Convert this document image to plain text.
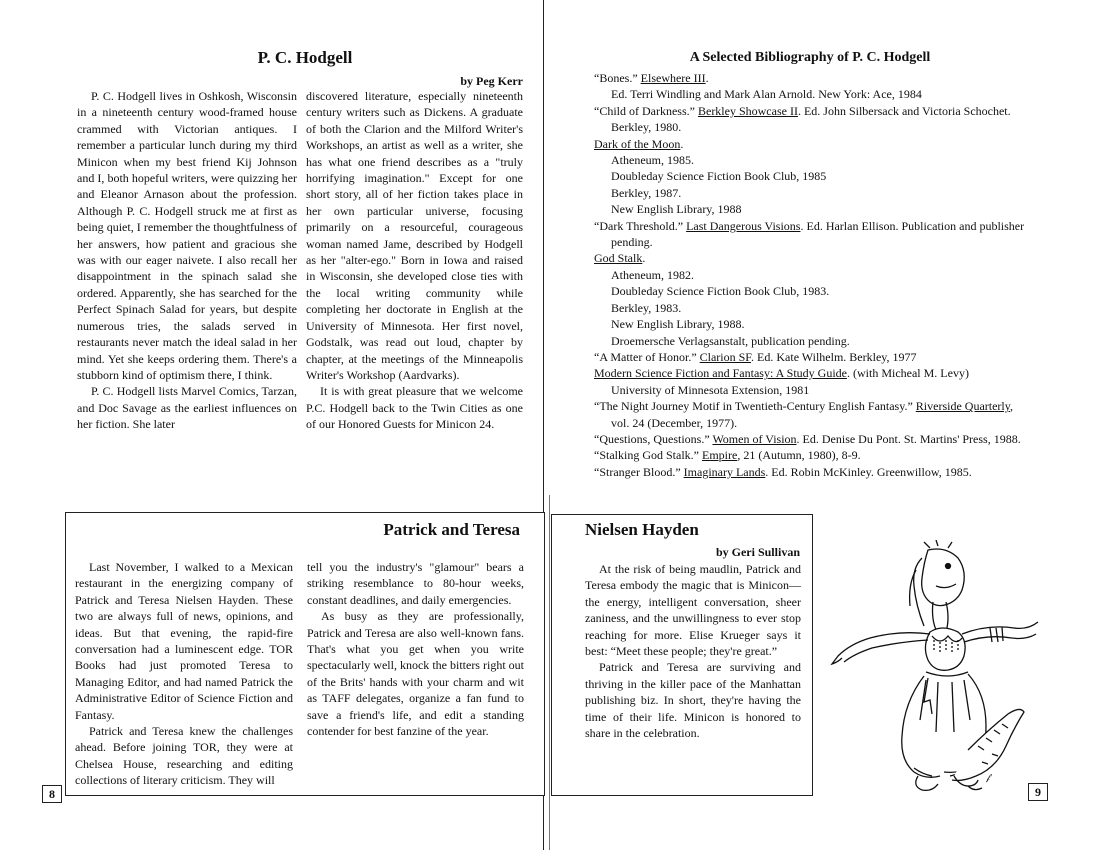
P. C. Hodgell
by Peg Kerr

P. C. Hodgell lives in Oshkosh, Wisconsin in a nineteenth century wood-framed house crammed with Victorian antiques. I remember a particular lunch during my third Minicon when my best friend Kij Johnson and I, both hopeful writers, were quizzing her and Eleanor Arnason about the profession. Although P. C. Hodgell struck me at first as being quiet, I remember the thoughtfulness of her answers, how patient and gracious she was with our eager naivete. I also recall her disappointment in the spinach salad she ordered. Apparently, she has searched for the Perfect Spinach Salad for years, but despite numerous tries, the salads served in restaurants never match the ideal salad in her mind. Yet she keeps ordering them. There's a stubborn kind of optimism there, I think.

P. C. Hodgell lists Marvel Comics, Tarzan, and Doc Savage as the earliest influences on her fiction. She later

discovered literature, especially nineteenth century writers such as Dickens. A graduate of both the Clarion and the Milford Writer's Workshops, an artist as well as a writer, she has what one friend describes as a "truly horrifying imagination." Except for one short story, all of her fiction takes place in her own particular universe, focusing primarily on a resourceful, courageous woman named Jame, described by Hodgell as her "alter-ego." Born in Iowa and raised in Wisconsin, she developed close ties with the local writing community while completing her doctorate in English at the University of Minnesota. Her first novel, Godstalk, was read out loud, chapter by chapter, at the meetings of the Minneapolis Writer's Workshop (Aardvarks).

It is with great pleasure that we welcome P.C. Hodgell back to the Twin Cities as one of our Honored Guests for Minicon 24.

Patrick and Teresa

Last November, I walked to a Mexican restaurant in the energizing company of Patrick and Teresa Nielsen Hayden. These two are always full of news, opinions, and ideas. But that evening, the rapid-fire conversation had a luminescent edge. TOR Books had just promoted Teresa to Managing Editor, and had named Patrick the Administrative Editor of Science Fiction and Fantasy.

Patrick and Teresa knew the challenges ahead. Before joining TOR, they were at Chelsea House, researching and editing collections of literary criticism. They will

tell you the industry's "glamour" bears a striking resemblance to 80-hour weeks, constant deadlines, and daily emergencies.

As busy as they are professionally, Patrick and Teresa are also well-known fans. That's what you get when you write spectacularly well, knock the bitters right out of the Brits' hands with your charm and wit as TAFF delegates, organize a fan fund to save a friend's life, and edit a standing contender for best fanzine of the year.

8
A Selected Bibliography of P. C. Hodgell

“Bones.” Elsewhere III.

Ed. Terri Windling and Mark Alan Arnold. New York: Ace, 1984

“Child of Darkness.” Berkley Showcase II. Ed. John Silbersack and Victoria Schochet. Berkley, 1980.

Dark of the Moon.

Atheneum, 1985.

Doubleday Science Fiction Book Club, 1985

Berkley, 1987.

New English Library, 1988

“Dark Threshold.” Last Dangerous Visions. Ed. Harlan Ellison. Publication and publisher pending.

God Stalk.

Atheneum, 1982.

Doubleday Science Fiction Book Club, 1983.

Berkley, 1983.

New English Library, 1988.

Droemersche Verlagsanstalt, publication pending.

“A Matter of Honor.” Clarion SF. Ed. Kate Wilhelm. Berkley, 1977

Modern Science Fiction and Fantasy: A Study Guide. (with Micheal M. Levy)

University of Minnesota Extension, 1981

“The Night Journey Motif in Twentieth-Century English Fantasy.” Riverside Quarterly, vol. 24 (December, 1977).

“Questions, Questions.” Women of Vision. Ed. Denise Du Pont. St. Martins' Press, 1988.

“Stalking God Stalk.” Empire, 21 (Autumn, 1980), 8-9.

“Stranger Blood.” Imaginary Lands. Ed. Robin McKinley. Greenwillow, 1985.

Nielsen Hayden
by Geri Sullivan

At the risk of being maudlin, Patrick and Teresa embody the magic that is Minicon—the energy, intelligent conversation, sheer zaniness, and the unwillingness to ever stop reaching for more. Elise Krueger says it best: “Meet these people; they're great.”

Patrick and Teresa are surviving and thriving in the killer pace of the Manhattan publishing biz. In short, they're having the time of their life. Minicon is honored to share in the celebration.

𝒻
9
